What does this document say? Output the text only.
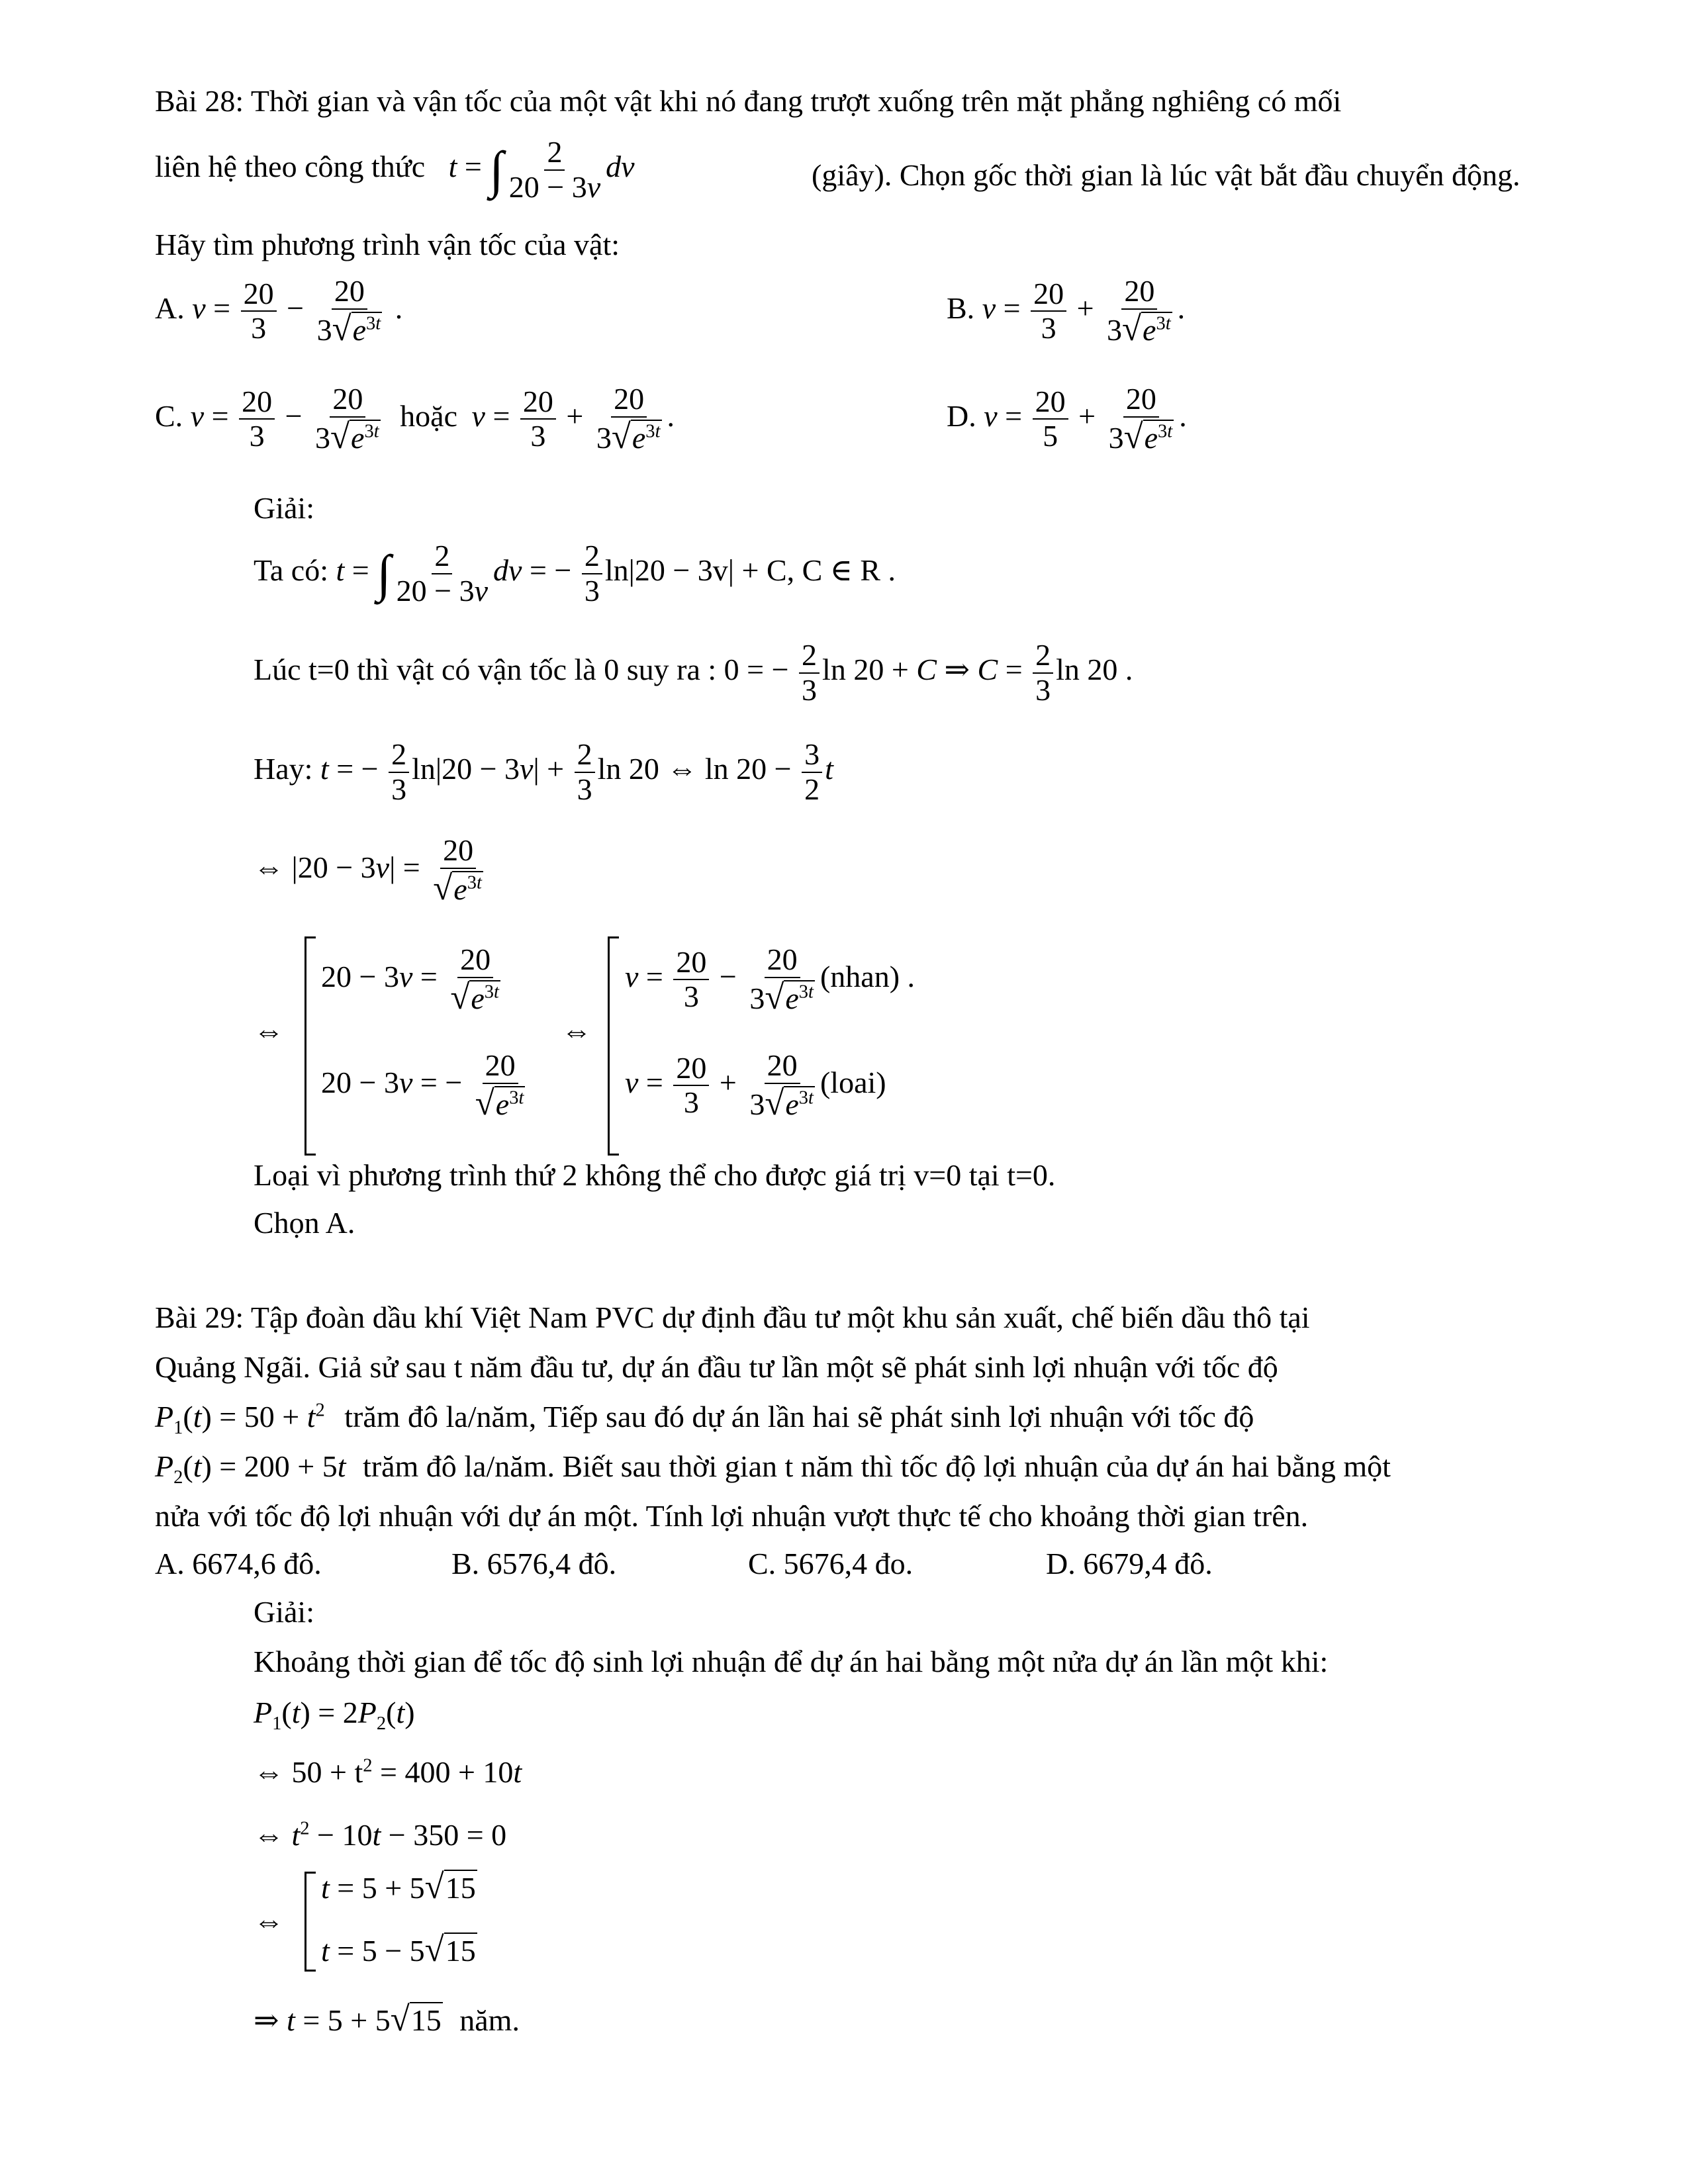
Bài 28: Thời gian và vận tốc của một vật khi nó đang trượt xuống trên mặt phẳng nghiêng có mối
liên hệ theo công thức t = ∫ $\frac{2}{20 - 3v}$ dv	(giây). Chọn gốc thời gian là lúc vật bắt đầu chuyển động.
Hãy tìm phương trình vận tốc của vật:
A. $v = \frac{20}{3} - \frac{20}{3√e^{3t}}$ .	B. $v = \frac{20}{3} + \frac{20}{3√e^{3t}}$ .
C. $v = \frac{20}{3} - \frac{20}{3√e^{3t}}$ hoặc $v = \frac{20}{3} + \frac{20}{3√e^{3t}}$ .	D. $v = \frac{20}{5} + \frac{20}{3√e^{3t}}$ .
Giải:
Ta có: t = ∫ $\frac{2}{20 - 3v}$ dv = − $\frac{2}{3} \ln|20 - 3v| + C$, C ∈ R .
Lúc t=0 thì vật có vận tốc là 0 suy ra : 0 = − $\frac{2}{3}$ ln 20 + C ⇒ $C = \frac{2}{3}$ ln 20 .
Hay: t = − $\frac{2}{3} \ln|20 - 3v| + \frac{2}{3}$ ln 20 ⇔ $\ln 20 - \frac{3}{2}$ t
⇔ $|20 - 3v| = \frac{20}{√e^{3t}}$
⇔
$20 - 3v = \frac{20}{√e^{3t}}$
20 − 3v = − $\frac{20}{√e^{3t}}$
⇔
$v = \frac{20}{3} - \frac{20}{3√e^{3t}}$ (nhan) .
$v = \frac{20}{3} + \frac{20}{3√e^{3t}}$ (loai)
Loại vì phương trình thứ 2 không thể cho được giá trị v=0 tại t=0.
Chọn A.
Bài 29: Tập đoàn dầu khí Việt Nam PVC dự định đầu tư một khu sản xuất, chế biến dầu thô tại
Quảng Ngãi. Giả sử sau t năm đầu tư, dự án đầu tư lần một sẽ phát sinh lợi nhuận với tốc độ
$P_1(t) = 50 + t^2$ trăm đô la/năm, Tiếp sau đó dự án lần hai sẽ phát sinh lợi nhuận với tốc độ
$P_2(t) = 200 + 5t$ trăm đô la/năm. Biết sau thời gian t năm thì tốc độ lợi nhuận của dự án hai bằng một
nửa với tốc độ lợi nhuận với dự án một. Tính lợi nhuận vượt thực tế cho khoảng thời gian trên.
A. 6674,6 đô.	B. 6576,4 đô.	C. 5676,4 đo.	D. 6679,4 đô.
Giải:
Khoảng thời gian để tốc độ sinh lợi nhuận để dự án hai bằng một nửa dự án lần một khi:
$P_1(t) = 2P_2(t)$
⇔ $50 + t^2 = 400 + 10t$
⇔ $t^2 - 10t - 350 = 0$
⇔
t = 5 + 5√15
t = 5 − 5√15
⇒ t = 5 + 5√15 năm.
